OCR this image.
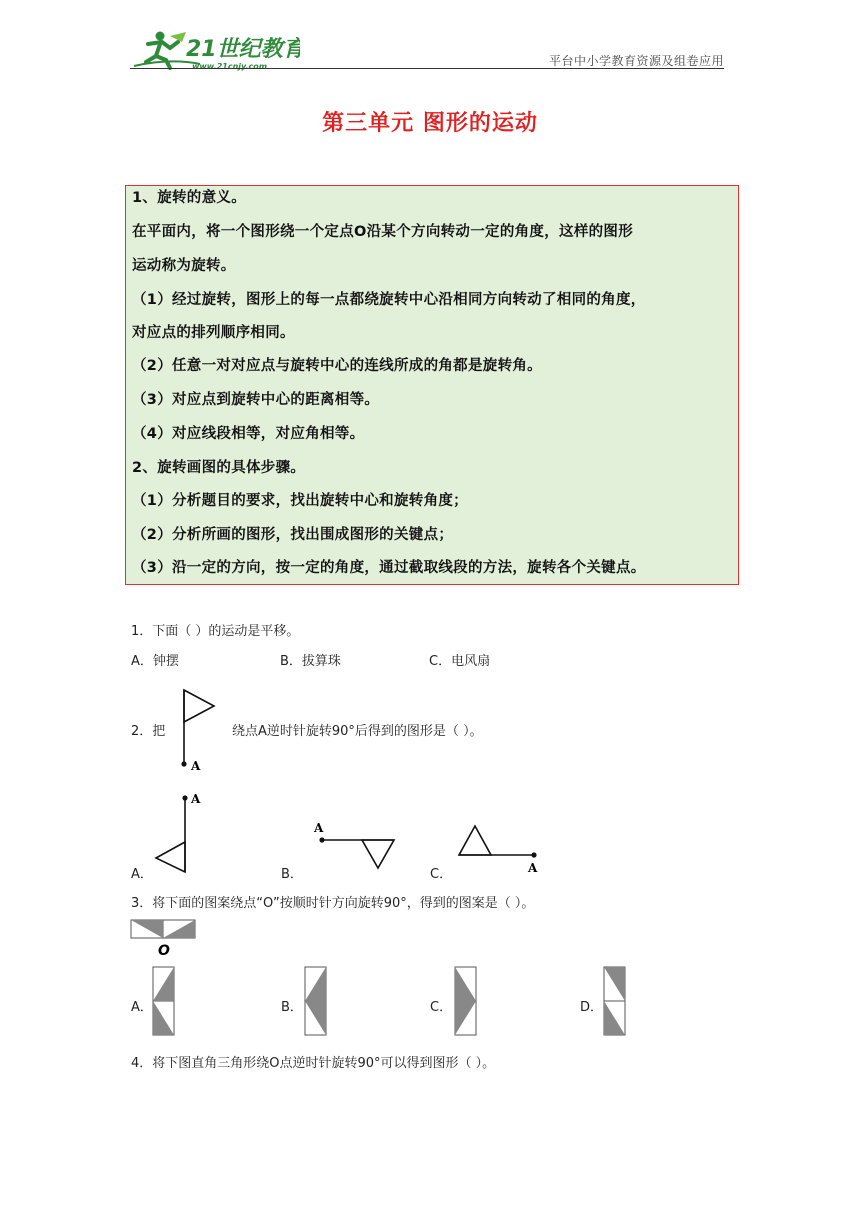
21世纪教育
www.21cnjy.com	平台中小学教育资源及组卷应用
第三单元 图形的运动
1、旋转的意义。
在平面内，将一个图形绕一个定点O沿某个方向转动一定的角度，这样的图形
运动称为旋转。
（1）经过旋转，图形上的每一点都绕旋转中心沿相同方向转动了相同的角度，
对应点的排列顺序相同。
（2）任意一对对应点与旋转中心的连线所成的角都是旋转角。
（3）对应点到旋转中心的距离相等。
（4）对应线段相等，对应角相等。
2、旋转画图的具体步骤。
（1）分析题目的要求，找出旋转中心和旋转角度；
（2）分析所画的图形，找出围成图形的关键点；
（3）沿一定的方向，按一定的角度，通过截取线段的方法，旋转各个关键点。
1．下面（ ）的运动是平移。
A．钟摆	B．拔算珠	C．电风扇
2．把
A
绕点A逆时针旋转90°后得到的图形是（ ）。
A．
A
B．
A
C．	A
3．将下面的图案绕点“O”按顺时针方向旋转90°，得到的图案是（ ）。
O
A．	B．	C．	D．
4．将下图直角三角形绕O点逆时针旋转90°可以得到图形（ ）。
